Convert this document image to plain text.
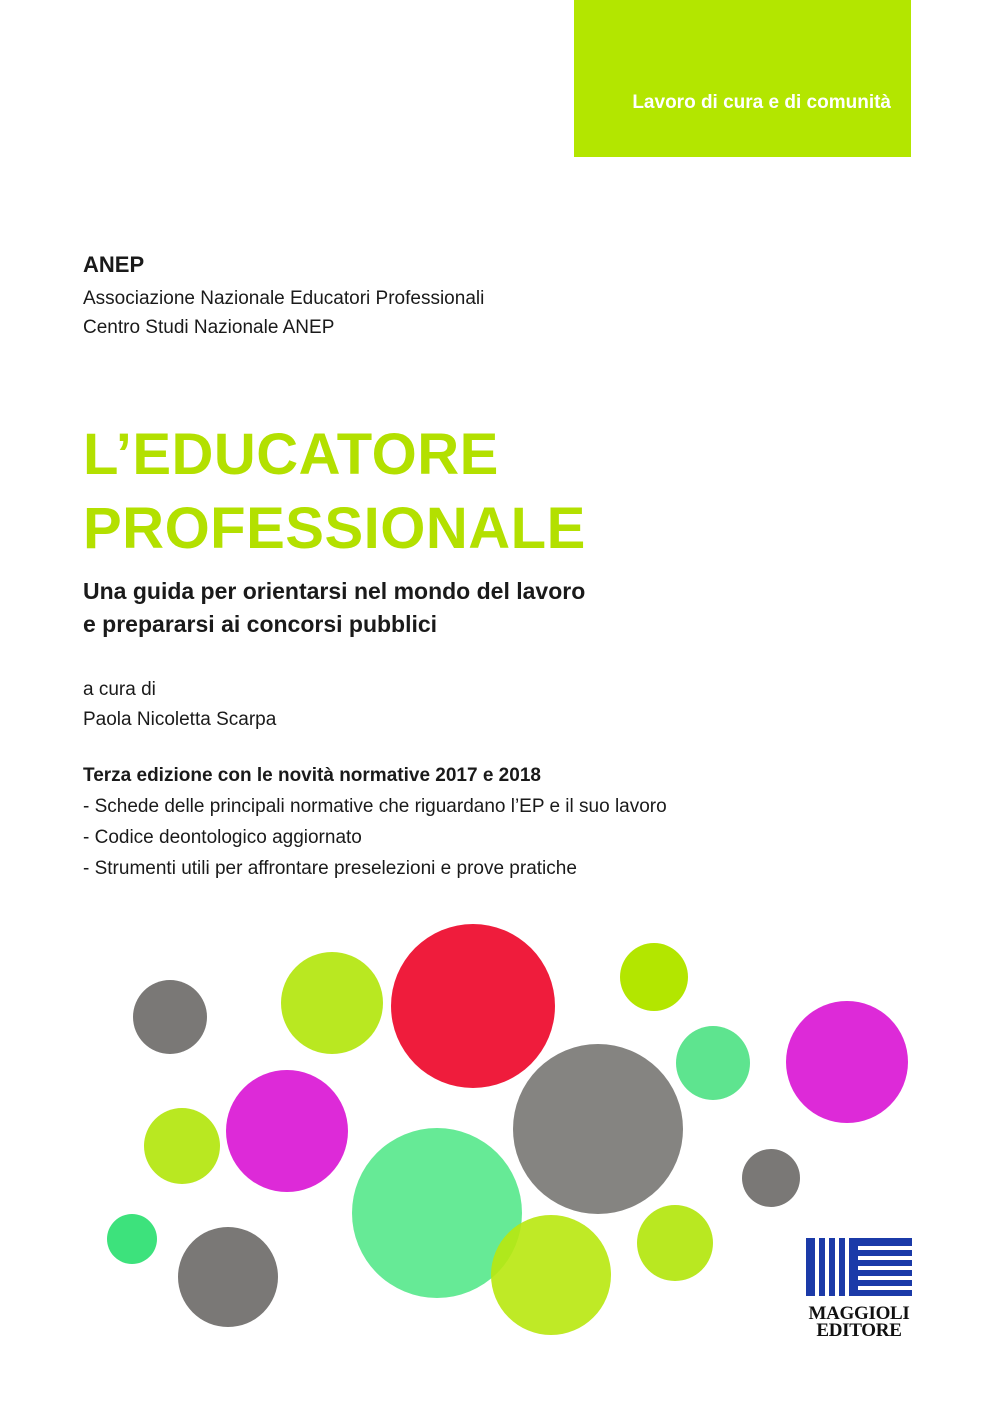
Lavoro di cura e di comunità
ANEP
Associazione Nazionale Educatori Professionali
Centro Studi Nazionale ANEP
L’EDUCATORE
PROFESSIONALE
Una guida per orientarsi nel mondo del lavoro
e prepararsi ai concorsi pubblici
a cura di
Paola Nicoletta Scarpa
Terza edizione con le novità normative 2017 e 2018
- Schede delle principali normative che riguardano l’EP e il suo lavoro
- Codice deontologico aggiornato
- Strumenti utili per affrontare preselezioni e prove pratiche
MAGGIOLI
EDITORE
